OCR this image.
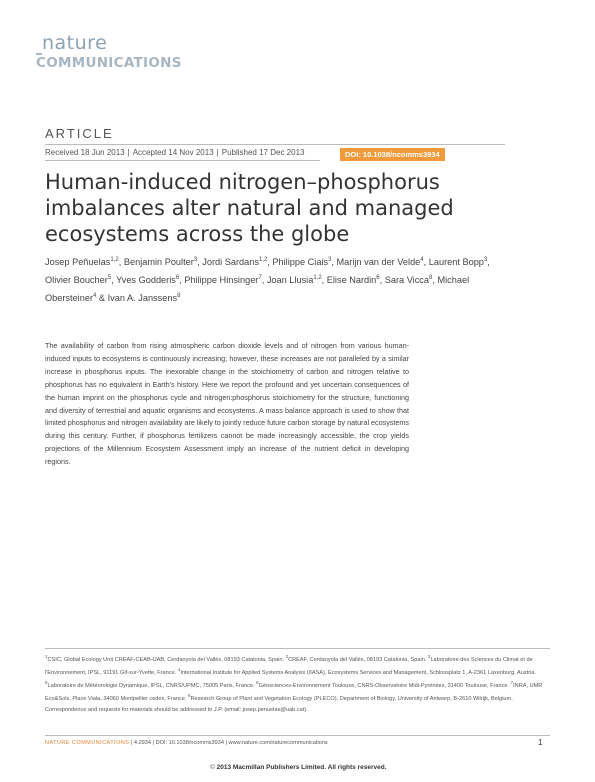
nature
COMMUNICATIONS
ARTICLE
Received 18 Jun 2013 | Accepted 14 Nov 2013 | Published 17 Dec 2013	DOI: 10.1038/ncomms3934
Human-induced nitrogen–phosphorus imbalances alter natural and managed ecosystems across the globe
Josep Peñuelas$^{1,2}$, Benjamin Poulter$^3$, Jordi Sardans$^{1,2}$, Philippe Ciais$^3$, Marijn van der Velde$^4$, Laurent Bopp$^3$, Olivier Boucher$^5$, Yves Godderis$^6$, Philippe Hinsinger$^7$, Joan Llusia$^{1,2}$, Elise Nardin$^6$, Sara Vicca$^8$, Michael Obersteiner$^4$ & Ivan A. Janssens$^8$
The availability of carbon from rising atmospheric carbon dioxide levels and of nitrogen from various human-induced inputs to ecosystems is continuously increasing; however, these increases are not paralleled by a similar increase in phosphorus inputs. The inexorable change in the stoichiometry of carbon and nitrogen relative to phosphorus has no equivalent in Earth's history. Here we report the profound and yet uncertain consequences of the human imprint on the phosphorus cycle and nitrogen:phosphorus stoichiometry for the structure, functioning and diversity of terrestrial and aquatic organisms and ecosystems. A mass balance approach is used to show that limited phosphorus and nitrogen availability are likely to jointly reduce future carbon storage by natural ecosystems during this century. Further, if phosphorus fertilizers cannot be made increasingly accessible, the crop yields projections of the Millennium Ecosystem Assessment imply an increase of the nutrient deficit in developing regions.
$^1$CSIC, Global Ecology Unit CREAF-CEAB-UAB, Cerdanyola del Vallès, 08193 Catalonia, Spain. $^2$CREAF, Cerdanyola del Vallès, 08193 Catalonia, Spain. $^3$Laboratoire des Sciences du Climat et de l'Environnement, IPSL, 91191 Gif-sur-Yvette, France. $^4$International Institute for Applied Systems Analysis (IIASA), Ecosystems Services and Management, Schlossplatz 1, A-2361 Laxenburg, Austria. $^5$Laboratoire de Météorologie Dynamique, IPSL, CNRS/UPMC, 75005 Paris, France. $^6$Géosciences-Environnement Toulouse, CNRS-Observatoire Midi-Pyrénées, 31400 Toulouse, France. $^7$INRA, UMR Eco&Sols, Place Viala, 34060 Montpellier cedex, France. $^8$Research Group of Plant and Vegetation Ecology (PLECO), Department of Biology, University of Antwerp, B-2610 Wilrijk, Belgium. Correspondence and requests for materials should be addressed to J.P. (email: josep.penuelas@uab.cat).
NATURE COMMUNICATIONS | 4:2934 | DOI: 10.1038/ncomms3934 | www.nature.com/naturecommunications	1
© 2013 Macmillan Publishers Limited. All rights reserved.
